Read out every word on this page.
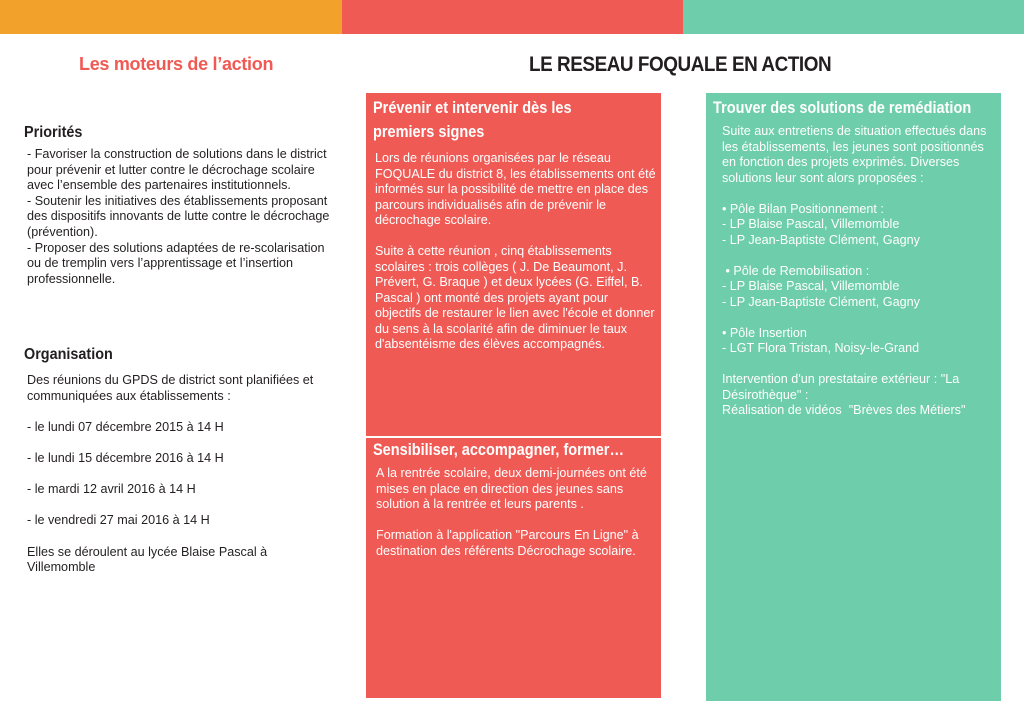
Les moteurs de l’action	LE RESEAU FOQUALE EN ACTION
Priorités
- Favoriser la construction de solutions dans le district pour prévenir et lutter contre le décrochage scolaire avec l’ensemble des partenaires institutionnels.
- Soutenir les initiatives des établissements proposant des dispositifs innovants de lutte contre le décrochage (prévention).
- Proposer des solutions adaptées de re-scolarisation ou de tremplin vers l’apprentissage et l’insertion professionnelle.
Organisation
Des réunions du GPDS de district sont planifiées et communiquées aux établissements :
- le lundi 07 décembre 2015 à 14 H
- le lundi 15 décembre 2016 à 14 H
- le mardi 12 avril 2016 à 14 H
- le vendredi 27 mai 2016 à 14 H
Elles se déroulent au lycée Blaise Pascal à Villemomble
Prévenir et intervenir dès les
premiers signes
Lors de réunions organisées par le réseau FOQUALE du district 8, les établissements ont été informés sur la possibilité de mettre en place des parcours individualisés afin de prévenir le décrochage scolaire.
Suite à cette réunion , cinq établissements scolaires : trois collèges ( J. De Beaumont, J. Prévert, G. Braque ) et deux lycées (G. Eiffel, B. Pascal ) ont monté des projets ayant pour objectifs de restaurer le lien avec l'école et donner du sens à la scolarité afin de diminuer le taux d'absentéisme des élèves accompagnés.
Sensibiliser, accompagner, former…
A la rentrée scolaire, deux demi-journées ont été mises en place en direction des jeunes sans solution à la rentrée et leurs parents .
Formation à l'application "Parcours En Ligne" à destination des référents Décrochage scolaire.
Trouver des solutions de remédiation
Suite aux entretiens de situation effectués dans les établissements, les jeunes sont positionnés en fonction des projets exprimés. Diverses solutions leur sont alors proposées :
• Pôle Bilan Positionnement :
- LP Blaise Pascal, Villemomble
- LP Jean-Baptiste Clément, Gagny
• Pôle de Remobilisation :
- LP Blaise Pascal, Villemomble
- LP Jean-Baptiste Clément, Gagny
• Pôle Insertion
- LGT Flora Tristan, Noisy-le-Grand
Intervention d'un prestataire extérieur : "La Désirothèque" :
Réalisation de vidéos  "Brèves des Métiers"
